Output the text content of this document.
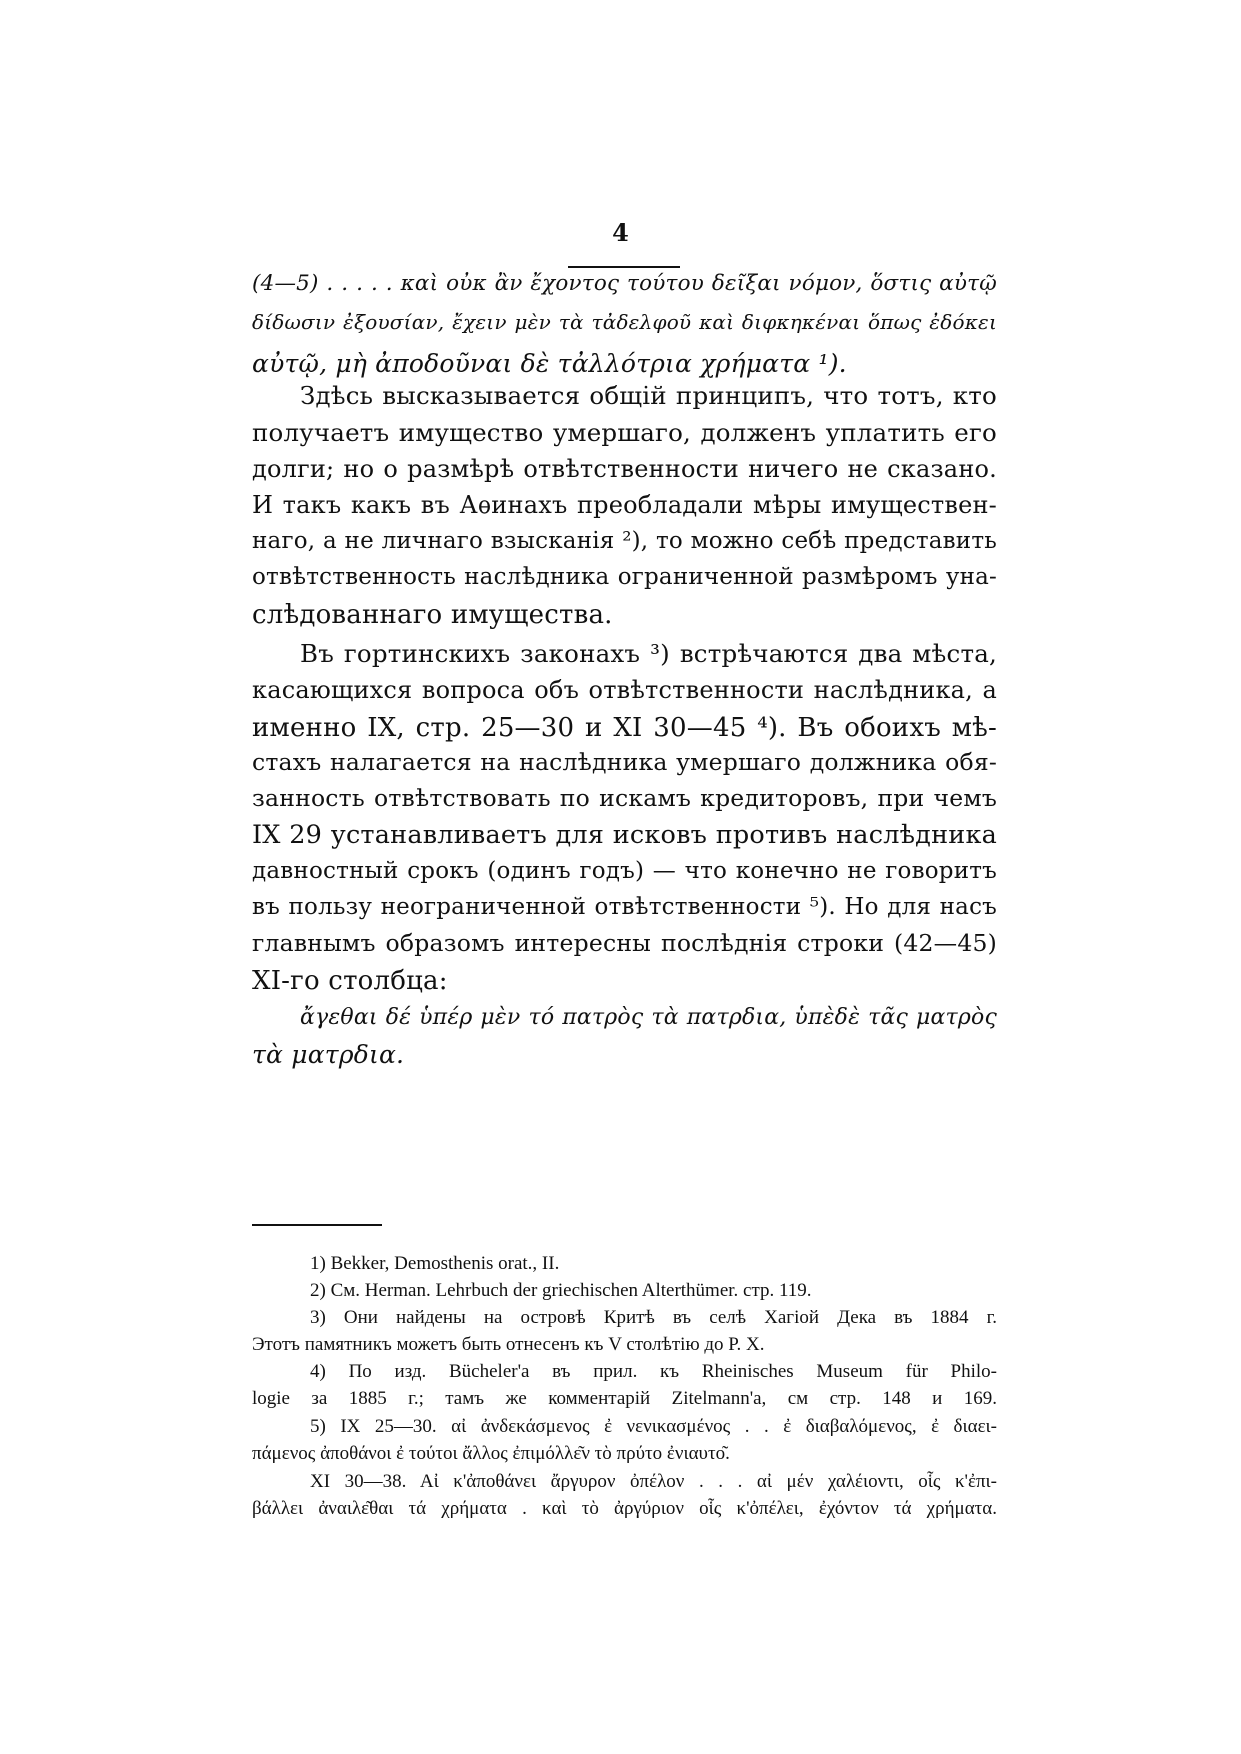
4
(4—5) . . . . . καὶ οὐκ ἂν ἔχοντος τούτου δεῖξαι νόμον, ὅστις αὐτῷ
δίδωσιν ἐξουσίαν, ἔχειν μὲν τὰ τἀδελφοῦ καὶ διφκηκέναι ὅπως ἐδόκει
αὐτῷ, μὴ ἀποδοῦναι δὲ τἀλλότρια χρήματα ¹).
Здѣсь высказывается общій принципъ, что тотъ, кто
получаетъ имущество умершаго, долженъ уплатить его
долги; но о размѣрѣ отвѣтственности ничего не сказано.
И такъ какъ въ Аѳинахъ преобладали мѣры имуществен-
наго, а не личнаго взысканія ²), то можно себѣ представить
отвѣтственность наслѣдника ограниченной размѣромъ уна-
слѣдованнаго имущества.
Въ гортинскихъ законахъ ³) встрѣчаются два мѣста,
касающихся вопроса объ отвѣтственности наслѣдника, а
именно IX, стр. 25—30 и XI 30—45 ⁴). Въ обоихъ мѣ-
стахъ налагается на наслѣдника умершаго должника обя-
занность отвѣтствовать по искамъ кредиторовъ, при чемъ
IX 29 устанавливаетъ для исковъ противъ наслѣдника
давностный срокъ (одинъ годъ) — что конечно не говоритъ
въ пользу неограниченной отвѣтственности ⁵). Но для насъ
главнымъ образомъ интересны послѣднія строки (42—45)
XI-го столбца:
ἄγεθαι δέ ὑπέρ μὲν τό πατρὸς τὰ πατρδια, ὑπὲδὲ τᾶς ματρὸς
τὰ ματρδια.
1) Bekker, Demosthenis orat., II.
2) См. Herman. Lehrbuch der griechischen Alterthümer. стр. 119.
3) Они найдены на островѣ Критѣ въ селѣ Хагіой Дека въ 1884 г.
Этотъ памятникъ можетъ быть отнесенъ къ V столѣтію до Р. Х.
4) По изд. Bücheler'a въ прил. къ Rheinisches Museum für Philo-
logie за 1885 г.; тамъ же комментарій Zitelmann'a, см стр. 148 и 169.
5) IX 25—30. αἰ ἀνδεκάσμενος ἐ νενικασμένος . . ἐ διαβαλόμενος, ἐ διαει-
πάμενος ἀποθάνοι ἐ τούτοι ἄλλος ἐπιμόλλε͂ν τὸ πρύτο ἐνιαυτο͂.
XI 30—38. Aἰ κ'ἀποθάνει ἄργυρον ὀπέλον . . . αἰ μέν χαλέιοντι, οἷς κ'ἐπι-
βάλλει ἀναιλε͂θαι τά χρήματα . καὶ τὸ ἀργύριον οἷς κ'ὀπέλει, ἐχόντον τά χρήματα.
